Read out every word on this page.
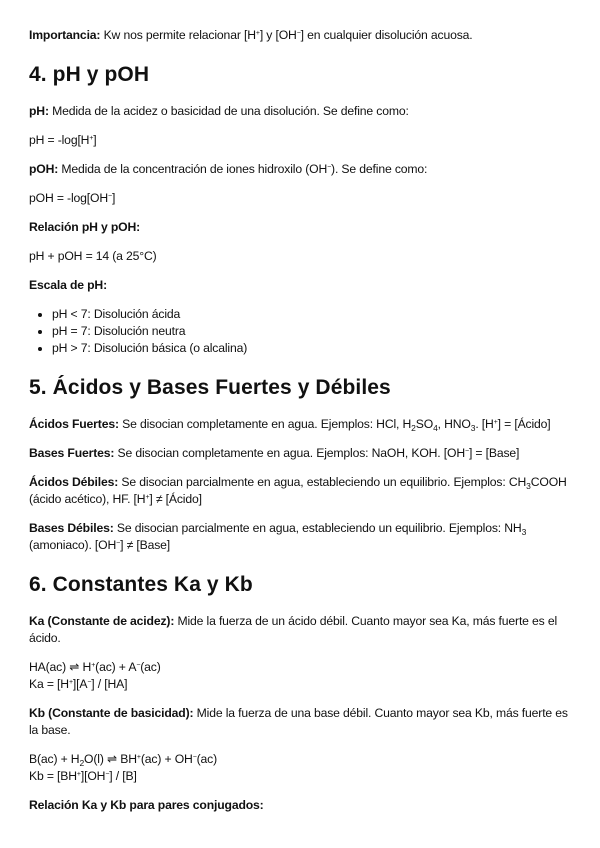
Importancia: Kw nos permite relacionar [H+] y [OH−] en cualquier disolución acuosa.

4. pH y pOH

pH: Medida de la acidez o basicidad de una disolución. Se define como:

pH = -log[H+]

pOH: Medida de la concentración de iones hidroxilo (OH−). Se define como:

pOH = -log[OH−]

Relación pH y pOH:

pH + pOH = 14 (a 25°C)

Escala de pH:

• pH < 7: Disolución ácida
• pH = 7: Disolución neutra
• pH > 7: Disolución básica (o alcalina)
5. Ácidos y Bases Fuertes y Débiles

Ácidos Fuertes: Se disocian completamente en agua. Ejemplos: HCl, $H_2SO_4$, $HNO_3$. [H+] = [Ácido]

Bases Fuertes: Se disocian completamente en agua. Ejemplos: NaOH, KOH. [OH−] = [Base]

Ácidos Débiles: Se disocian parcialmente en agua, estableciendo un equilibrio. Ejemplos: $CH_3COOH$ (ácido acético), HF. [H+] ≠ [Ácido]

Bases Débiles: Se disocian parcialmente en agua, estableciendo un equilibrio. Ejemplos: $NH_3$ (amoniaco). [OH−] ≠ [Base]

6. Constantes Ka y Kb

Ka (Constante de acidez): Mide la fuerza de un ácido débil. Cuanto mayor sea Ka, más fuerte es el ácido.

HA(ac) ⇌ H+(ac) + A−(ac)

Ka = [H+][A−] / [HA]

Kb (Constante de basicidad): Mide la fuerza de una base débil. Cuanto mayor sea Kb, más fuerte es la base.

$B(ac) + H_2O(l)$ ⇌ BH+(ac) + OH−(ac)

Kb = [BH+][OH−] / [B]

Relación Ka y Kb para pares conjugados:
